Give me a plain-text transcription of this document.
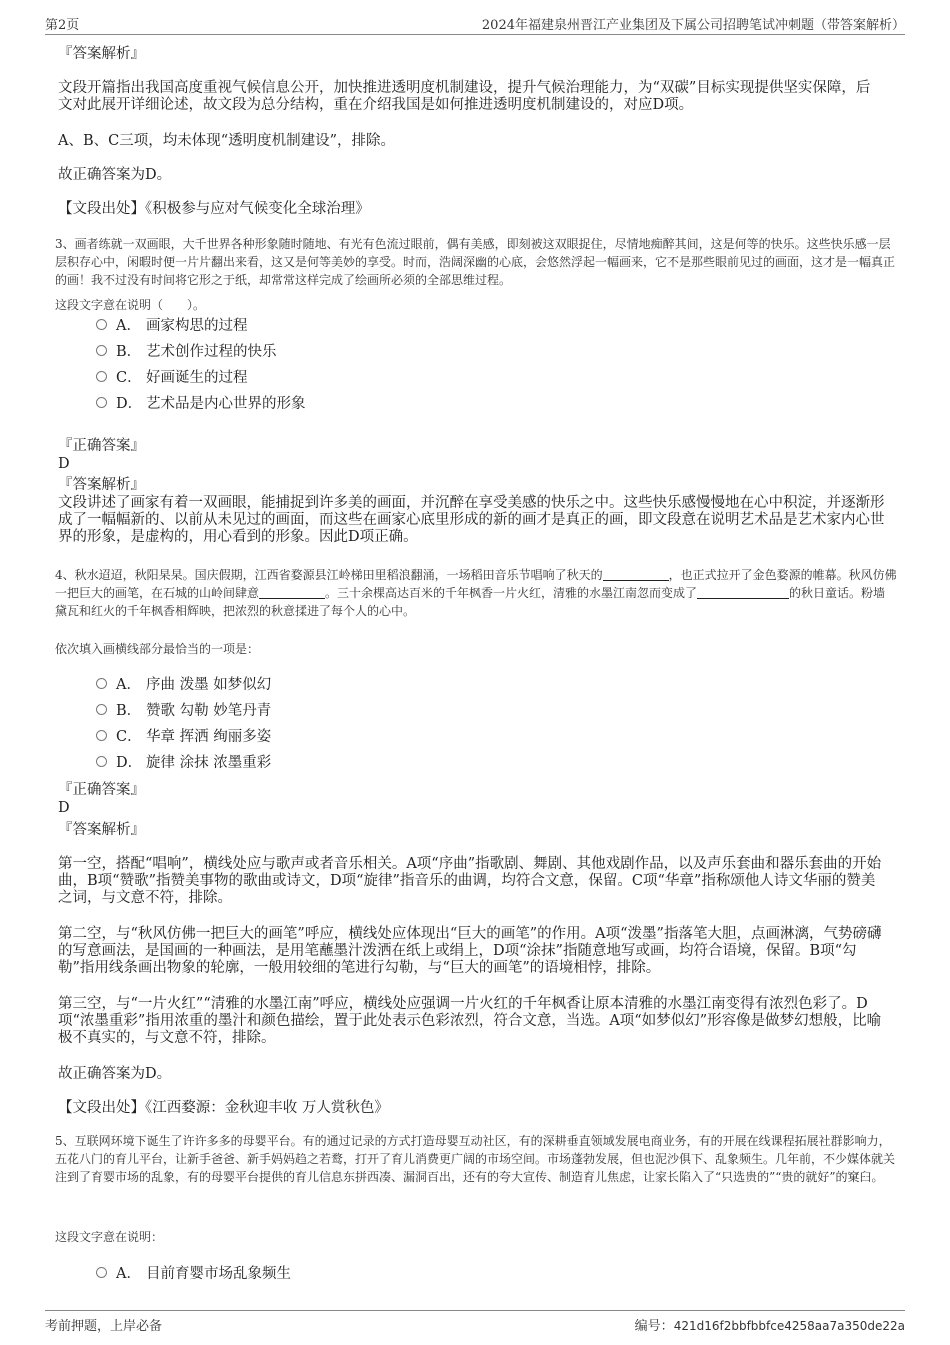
第2页	2024年福建泉州晋江产业集团及下属公司招聘笔试冲刺题（带答案解析）
『答案解析』
文段开篇指出我国高度重视气候信息公开，加快推进透明度机制建设，提升气候治理能力，为“双碳”目标实现提供坚实保障，后文对此展开详细论述，故文段为总分结构，重在介绍我国是如何推进透明度机制建设的，对应D项。
A、B、C三项，均未体现“透明度机制建设”，排除。
故正确答案为D。
【文段出处】《积极参与应对气候变化全球治理》
3、画者练就一双画眼，大千世界各种形象随时随地、有光有色流过眼前，偶有美感，即刻被这双眼捉住，尽情地痴醉其间，这是何等的快乐。这些快乐感一层层积存心中，闲暇时便一片片翻出来看，这又是何等美妙的享受。时而，浩阔深幽的心底，会悠然浮起一幅画来，它不是那些眼前见过的画面，这才是一幅真正的画！我不过没有时间将它形之于纸，却常常这样完成了绘画所必须的全部思维过程。
这段文字意在说明（　　）。
A． 画家构思的过程
B． 艺术创作过程的快乐
C． 好画诞生的过程
D． 艺术品是内心世界的形象
『正确答案』
D
『答案解析』
文段讲述了画家有着一双画眼，能捕捉到许多美的画面，并沉醉在享受美感的快乐之中。这些快乐感慢慢地在心中积淀，并逐渐形成了一幅幅新的、以前从未见过的画面，而这些在画家心底里形成的新的画才是真正的画，即文段意在说明艺术品是艺术家内心世界的形象，是虚构的，用心看到的形象。因此D项正确。
4、秋水迢迢，秋阳杲杲。国庆假期，江西省婺源县江岭梯田里稻浪翻涌，一场稻田音乐节唱响了秋天的	，也正式拉开了金色婺源的帷幕。秋风仿佛一把巨大的画笔，在石城的山岭间肆意	。三十余棵高达百米的千年枫香一片火红，清雅的水墨江南忽而变成了	的秋日童话。粉墙黛瓦和红火的千年枫香相辉映，把浓烈的秋意揉进了每个人的心中。
依次填入画横线部分最恰当的一项是：
A． 序曲 泼墨 如梦似幻
B． 赞歌 勾勒 妙笔丹青
C． 华章 挥洒 绚丽多姿
D． 旋律 涂抹 浓墨重彩
『正确答案』
D
『答案解析』
第一空，搭配“唱响”，横线处应与歌声或者音乐相关。A项“序曲”指歌剧、舞剧、其他戏剧作品，以及声乐套曲和器乐套曲的开始曲，B项“赞歌”指赞美事物的歌曲或诗文，D项“旋律”指音乐的曲调，均符合文意，保留。C项“华章”指称颂他人诗文华丽的赞美之词，与文意不符，排除。
第二空，与“秋风仿佛一把巨大的画笔”呼应，横线处应体现出“巨大的画笔”的作用。A项“泼墨”指落笔大胆，点画淋漓，气势磅礴的写意画法，是国画的一种画法，是用笔蘸墨汁泼洒在纸上或绢上，D项“涂抹”指随意地写或画，均符合语境，保留。B项“勾勒”指用线条画出物象的轮廓，一般用较细的笔进行勾勒，与“巨大的画笔”的语境相悖，排除。
第三空，与“一片火红”“清雅的水墨江南”呼应，横线处应强调一片火红的千年枫香让原本清雅的水墨江南变得有浓烈色彩了。D项“浓墨重彩”指用浓重的墨汁和颜色描绘，置于此处表示色彩浓烈，符合文意，当选。A项“如梦似幻”形容像是做梦幻想般，比喻极不真实的，与文意不符，排除。
故正确答案为D。
【文段出处】《江西婺源：金秋迎丰收 万人赏秋色》
5、互联网环境下诞生了许许多多的母婴平台。有的通过记录的方式打造母婴互动社区，有的深耕垂直领域发展电商业务，有的开展在线课程拓展社群影响力，五花八门的育儿平台，让新手爸爸、新手妈妈趋之若鹜，打开了育儿消费更广阔的市场空间。市场蓬勃发展，但也泥沙俱下、乱象频生。几年前，不少媒体就关注到了育婴市场的乱象，有的母婴平台提供的育儿信息东拼西凑、漏洞百出，还有的夸大宣传、制造育儿焦虑，让家长陷入了“只选贵的”“贵的就好”的窠臼。
这段文字意在说明：
A． 目前育婴市场乱象频生
考前押题，上岸必备	编号：421d16f2bbfbbfce4258aa7a350de22a
